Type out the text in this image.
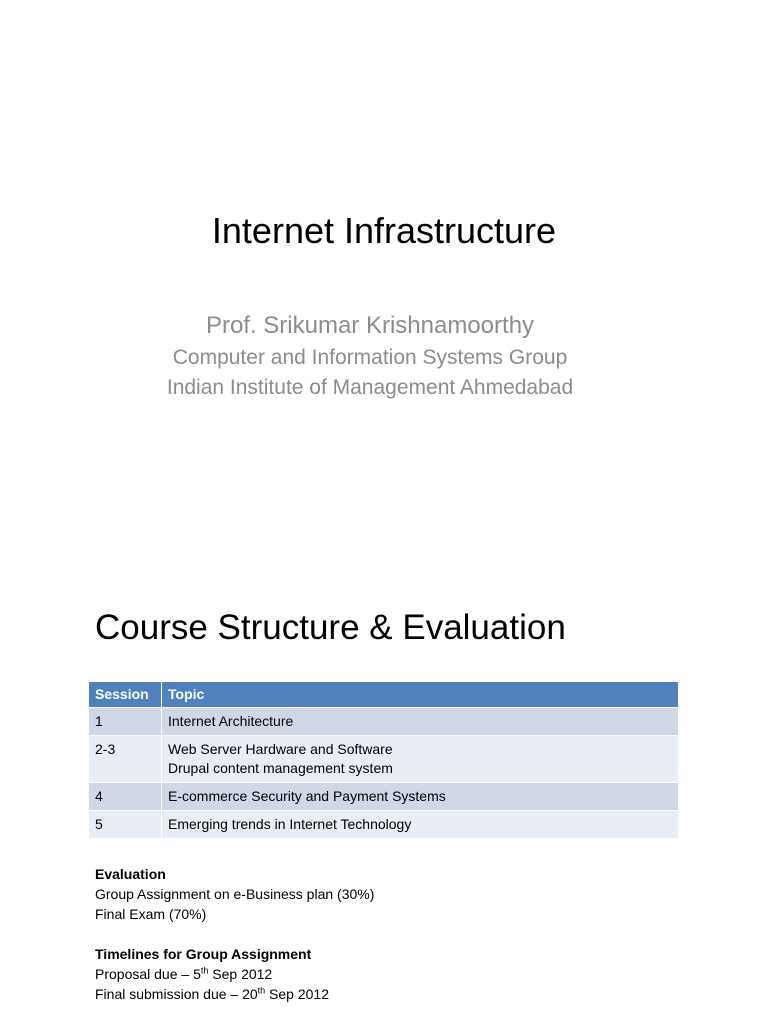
Internet Infrastructure
Prof. Srikumar Krishnamoorthy
Computer and Information Systems Group
Indian Institute of Management Ahmedabad
Course Structure & Evaluation
Session	Topic
1	Internet Architecture
2-3	Web Server Hardware and Software
Drupal content management system
4	E-commerce Security and Payment Systems
5	Emerging trends in Internet Technology
Evaluation
Group Assignment on e-Business plan (30%)
Final Exam (70%)
Timelines for Group Assignment
Proposal due – 5th Sep 2012
Final submission due – 20th Sep 2012
